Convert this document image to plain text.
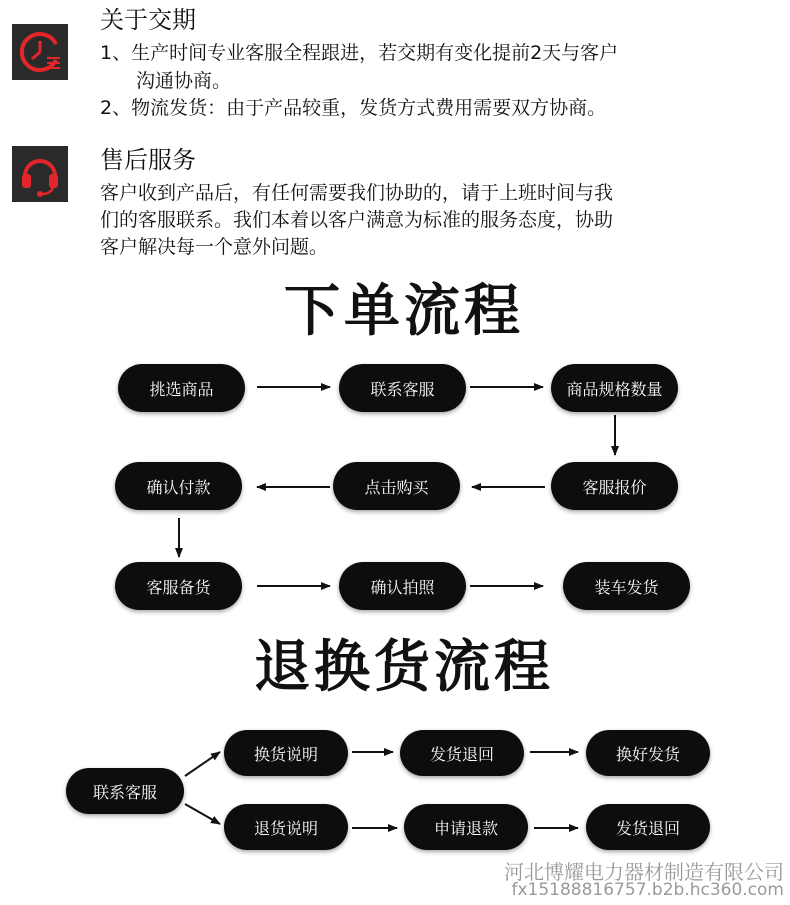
关于交期
1、生产时间专业客服全程跟进，若交期有变化提前2天与客户
沟通协商。
2、物流发货：由于产品较重，发货方式费用需要双方协商。
售后服务
客户收到产品后，有任何需要我们协助的，请于上班时间与我
们的客服联系。我们本着以客户满意为标准的服务态度，协助
客户解决每一个意外问题。
下单流程
挑选商品	联系客服	商品规格数量
客服报价
点击购买
确认付款
客服备货	确认拍照	装车发货
退换货流程
联系客服
换货说明	发货退回	换好发货
退货说明	申请退款	发货退回
河北博耀电力器材制造有限公司
fx15188816757.b2b.hc360.com
